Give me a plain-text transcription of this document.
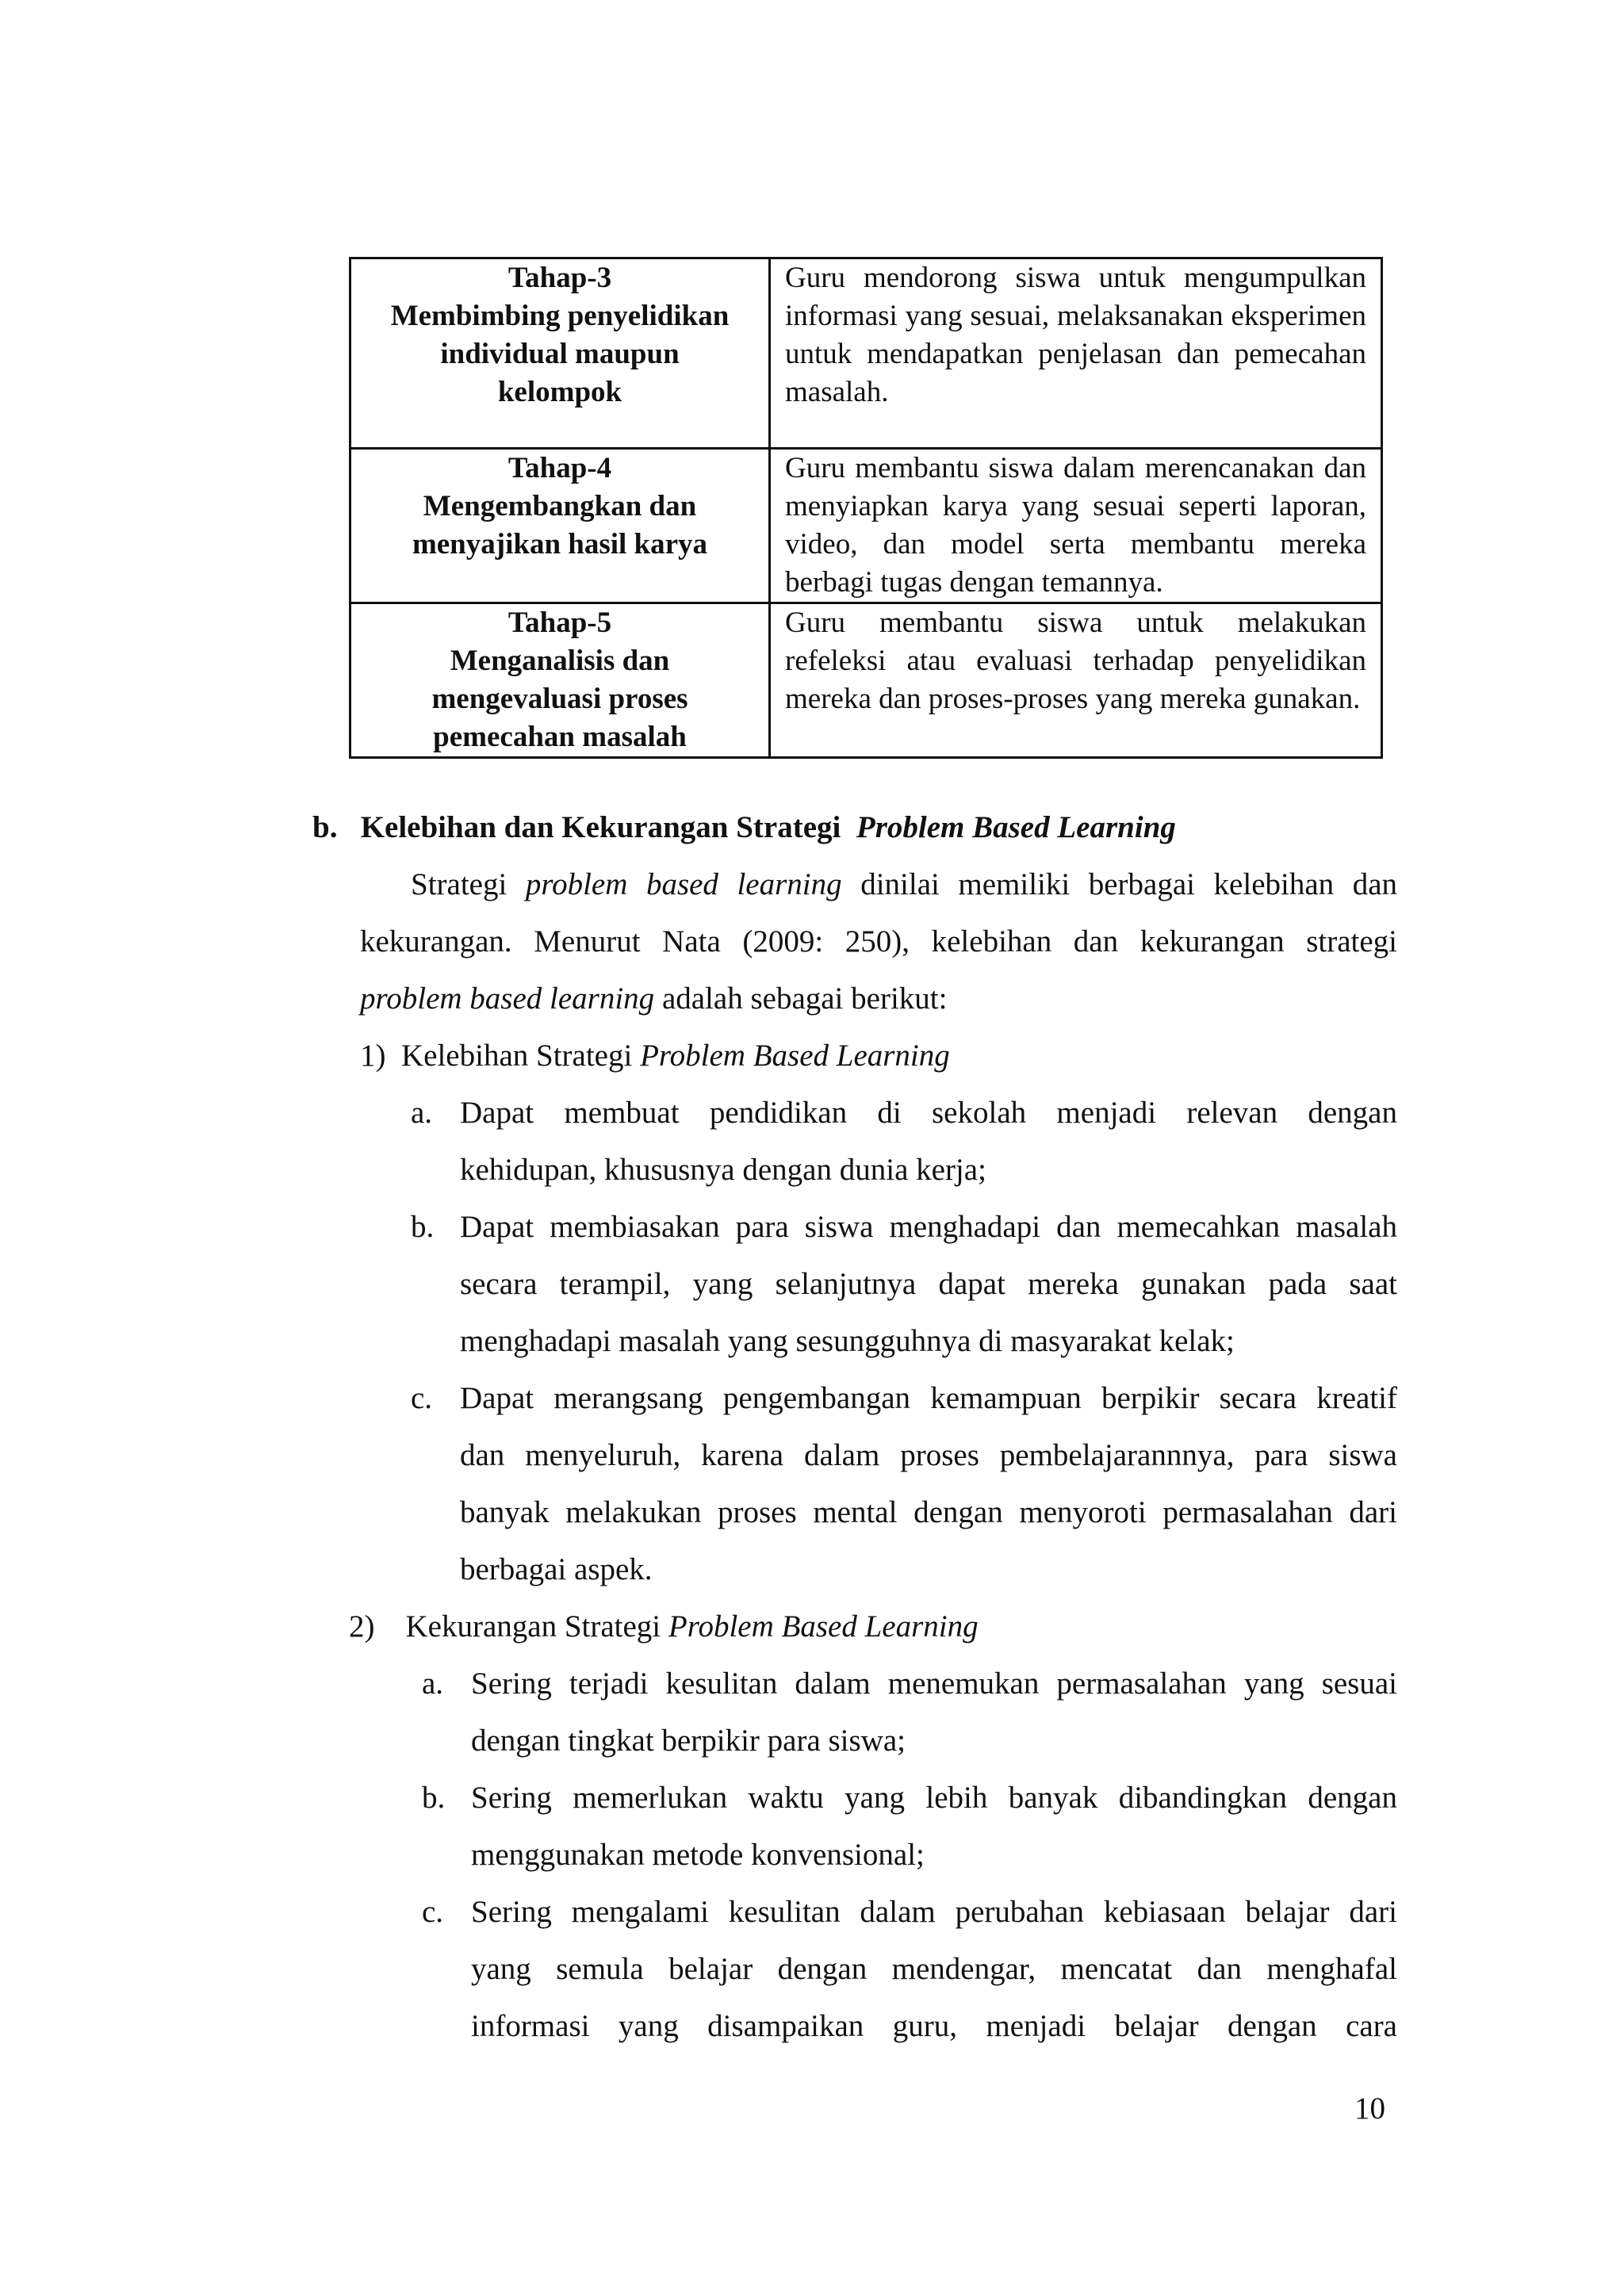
Tahap-3
Membimbing penyelidikan
individual maupun
kelompok	Guru mendorong siswa untuk mengumpulkan informasi yang sesuai, melaksanakan eksperimen untuk mendapatkan penjelasan dan pemecahan masalah.

Tahap-4
Mengembangkan dan
menyajikan hasil karya	Guru membantu siswa dalam merencanakan dan menyiapkan karya yang sesuai seperti laporan, video, dan model serta membantu mereka berbagi tugas dengan temannya.

Tahap-5
Menganalisis dan
mengevaluasi proses
pemecahan masalah	Guru membantu siswa untuk melakukan refeleksi atau evaluasi terhadap penyelidikan mereka dan proses-proses yang mereka gunakan.
b. Kelebihan dan Kekurangan Strategi Problem Based Learning
Strategi problem based learning dinilai memiliki berbagai kelebihan dan
kekurangan. Menurut Nata (2009: 250), kelebihan dan kekurangan strategi
problem based learning adalah sebagai berikut:
1) Kelebihan Strategi Problem Based Learning
a. Dapat membuat pendidikan di sekolah menjadi relevan dengan
kehidupan, khususnya dengan dunia kerja;
b. Dapat membiasakan para siswa menghadapi dan memecahkan masalah
secara terampil, yang selanjutnya dapat mereka gunakan pada saat
menghadapi masalah yang sesungguhnya di masyarakat kelak;
c. Dapat merangsang pengembangan kemampuan berpikir secara kreatif
dan menyeluruh, karena dalam proses pembelajarannnya, para siswa
banyak melakukan proses mental dengan menyoroti permasalahan dari
berbagai aspek.
2) Kekurangan Strategi Problem Based Learning
a. Sering terjadi kesulitan dalam menemukan permasalahan yang sesuai
dengan tingkat berpikir para siswa;
b. Sering memerlukan waktu yang lebih banyak dibandingkan dengan
menggunakan metode konvensional;
c. Sering mengalami kesulitan dalam perubahan kebiasaan belajar dari
yang semula belajar dengan mendengar, mencatat dan menghafal
informasi yang disampaikan guru, menjadi belajar dengan cara
10
